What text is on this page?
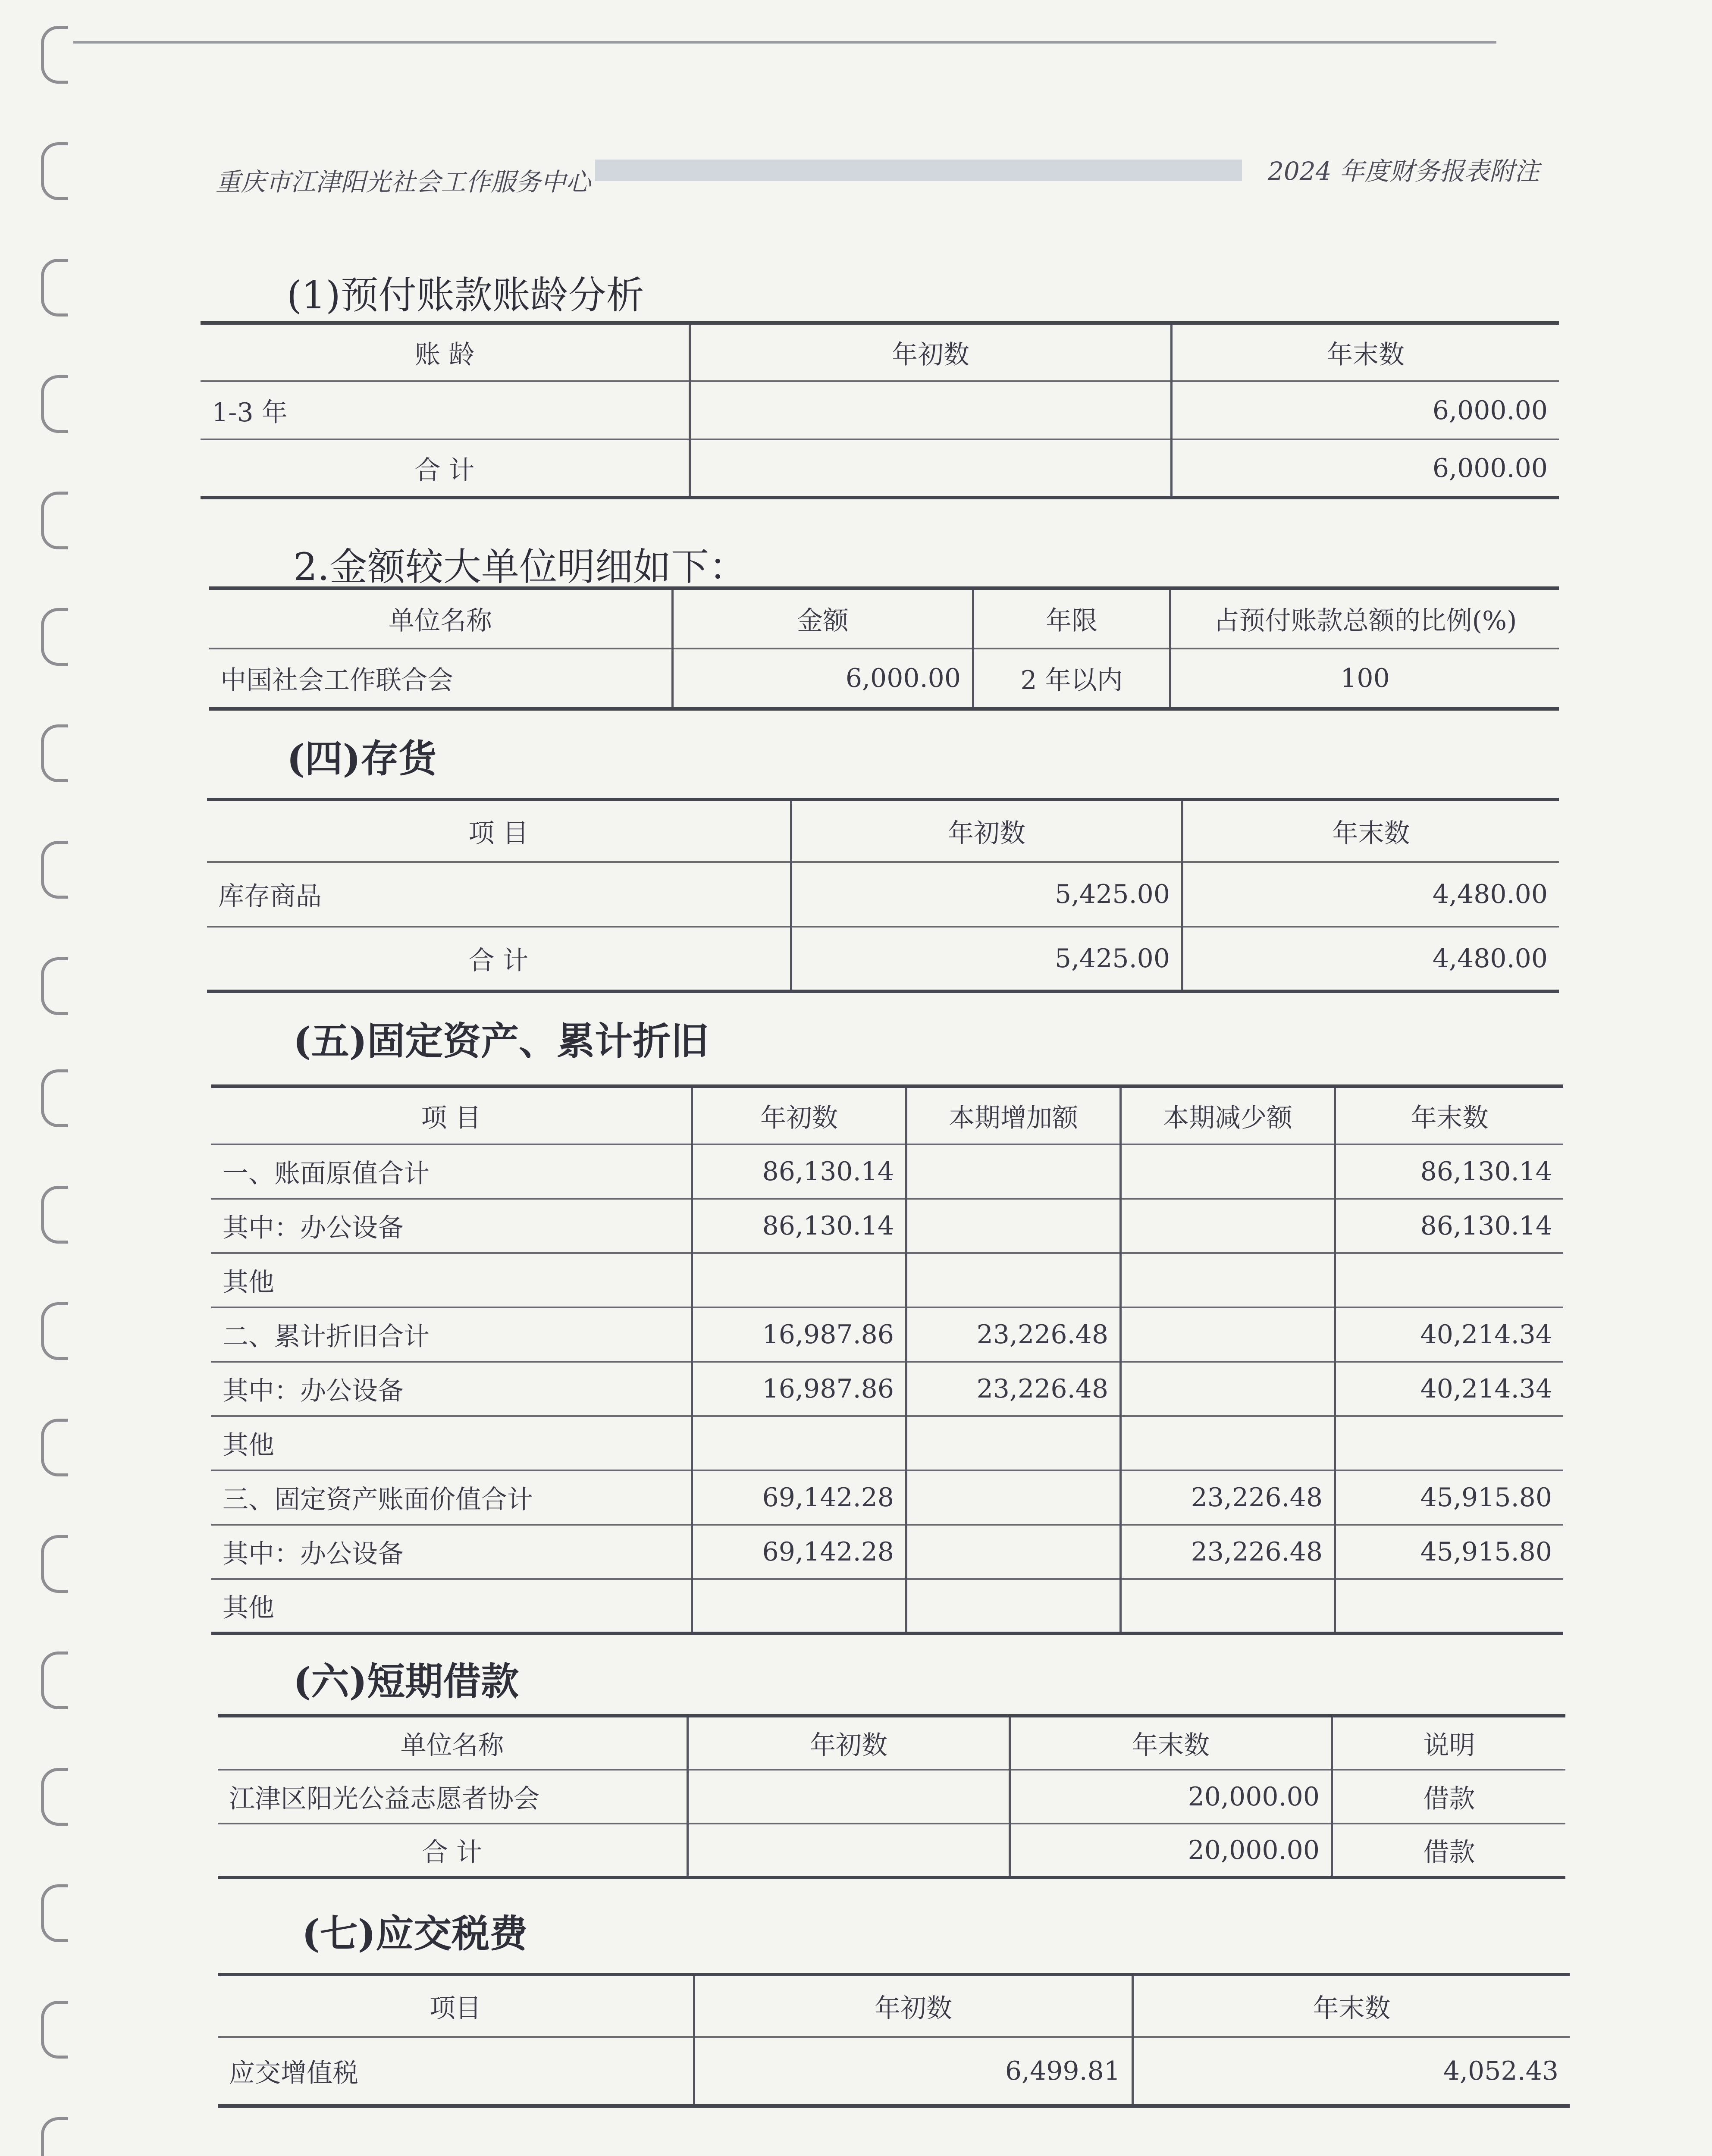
重庆市江津阳光社会工作服务中心	2024 年度财务报表附注
(1)预付账款账龄分析
账 龄	年初数	年末数
1-3 年		6,000.00
合 计		6,000.00
2.金额较大单位明细如下：
单位名称	金额	年限	占预付账款总额的比例(%)
中国社会工作联合会	6,000.00	2 年以内	100
(四)存货
项 目	年初数	年末数
库存商品	5,425.00	4,480.00
合 计	5,425.00	4,480.00
(五)固定资产、累计折旧
项 目	年初数	本期增加额	本期减少额	年末数
一、账面原值合计	86,130.14			86,130.14
其中：办公设备	86,130.14			86,130.14
其他				
二、累计折旧合计	16,987.86	23,226.48		40,214.34
其中：办公设备	16,987.86	23,226.48		40,214.34
其他				
三、固定资产账面价值合计	69,142.28		23,226.48	45,915.80
其中：办公设备	69,142.28		23,226.48	45,915.80
其他				
(六)短期借款
单位名称	年初数	年末数	说明
江津区阳光公益志愿者协会		20,000.00	借款
合 计		20,000.00	借款
(七)应交税费
项目	年初数	年末数
应交增值税	6,499.81	4,052.43
